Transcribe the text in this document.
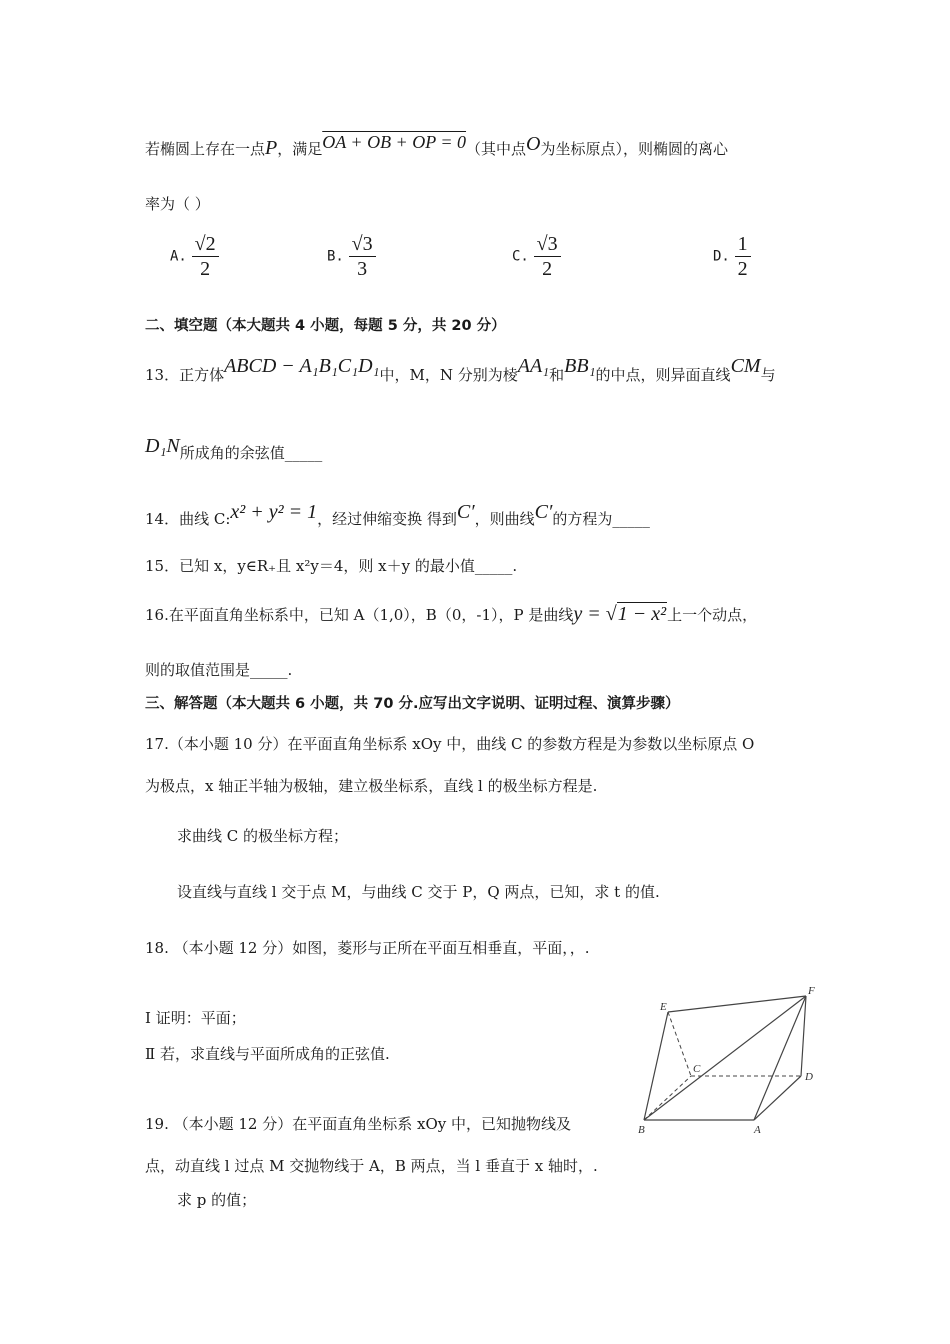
若椭圆上存在一点P，满足OA + OB + OP = 0（其中点O为坐标原点），则椭圆的离心
率为（ ）
A. $\frac{√2}{2}$	B. $\frac{√3}{3}$	C. $\frac{√3}{2}$	D. $\frac{1}{2}$
二、填空题（本大题共 4 小题，每题 5 分，共 20 分）
13．正方体ABCD − A₁B₁C₁D₁中，M，N 分别为棱AA₁和BB₁的中点，则异面直线CM与
D₁N所成角的余弦值_____
14．曲线 C:x² + y² = 1，经过伸缩变换 得到C′，则曲线C′的方程为_____
15．已知 x，y∈R₊且 x²y＝4，则 x＋y 的最小值_____.
16.在平面直角坐标系中，已知 A（1,0），B（0，-1），P 是曲线y = √1 − x²上一个动点，
则的取值范围是_____.
三、解答题（本大题共 6 小题，共 70 分.应写出文字说明、证明过程、演算步骤）
17.（本小题 10 分）在平面直角坐标系 xOy 中，曲线 C 的参数方程是为参数以坐标原点 O
为极点，x 轴正半轴为极轴，建立极坐标系，直线 l 的极坐标方程是.
求曲线 C 的极坐标方程；
设直线与直线 l 交于点 M，与曲线 C 交于 P，Q 两点，已知，求 t 的值.
18. （本小题 12 分）如图，菱形与正所在平面互相垂直，平面，，.
Ⅰ 证明：平面；
Ⅱ 若，求直线与平面所成角的正弦值.
E
F
C
D
B	A
19. （本小题 12 分）在平面直角坐标系 xOy 中，已知抛物线及
点，动直线 l 过点 M 交抛物线于 A，B 两点，当 l 垂直于 x 轴时，.
求 p 的值；
